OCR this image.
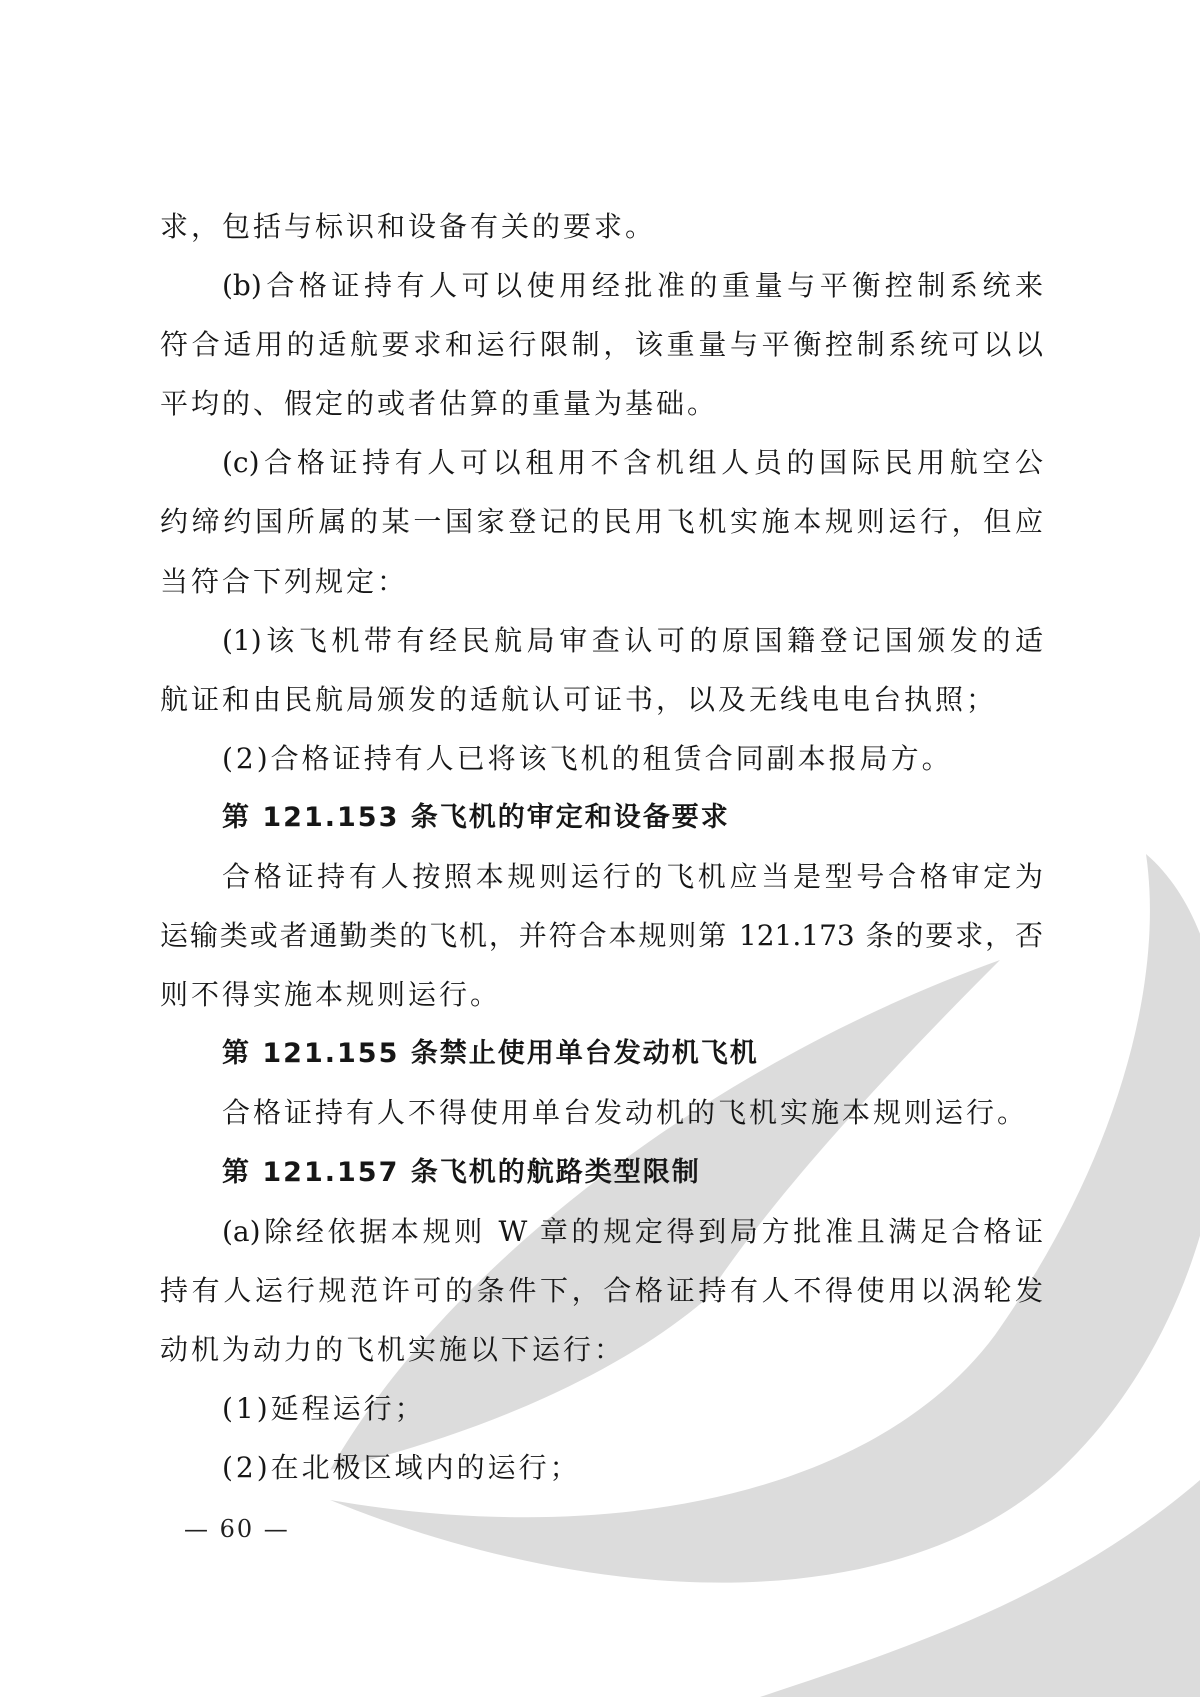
求，包括与标识和设备有关的要求。
(b)合格证持有人可以使用经批准的重量与平衡控制系统来
符合适用的适航要求和运行限制，该重量与平衡控制系统可以以
平均的、假定的或者估算的重量为基础。
(c)合格证持有人可以租用不含机组人员的国际民用航空公
约缔约国所属的某一国家登记的民用飞机实施本规则运行，但应
当符合下列规定：
(1)该飞机带有经民航局审查认可的原国籍登记国颁发的适
航证和由民航局颁发的适航认可证书，以及无线电电台执照；
(2)合格证持有人已将该飞机的租赁合同副本报局方。
第 121.153 条飞机的审定和设备要求
合格证持有人按照本规则运行的飞机应当是型号合格审定为
运输类或者通勤类的飞机，并符合本规则第 121.173 条的要求，否
则不得实施本规则运行。
第 121.155 条禁止使用单台发动机飞机
合格证持有人不得使用单台发动机的飞机实施本规则运行。
第 121.157 条飞机的航路类型限制
(a)除经依据本规则 W 章的规定得到局方批准且满足合格证
持有人运行规范许可的条件下，合格证持有人不得使用以涡轮发
动机为动力的飞机实施以下运行：
(1)延程运行；
(2)在北极区域内的运行；
— 60 —
